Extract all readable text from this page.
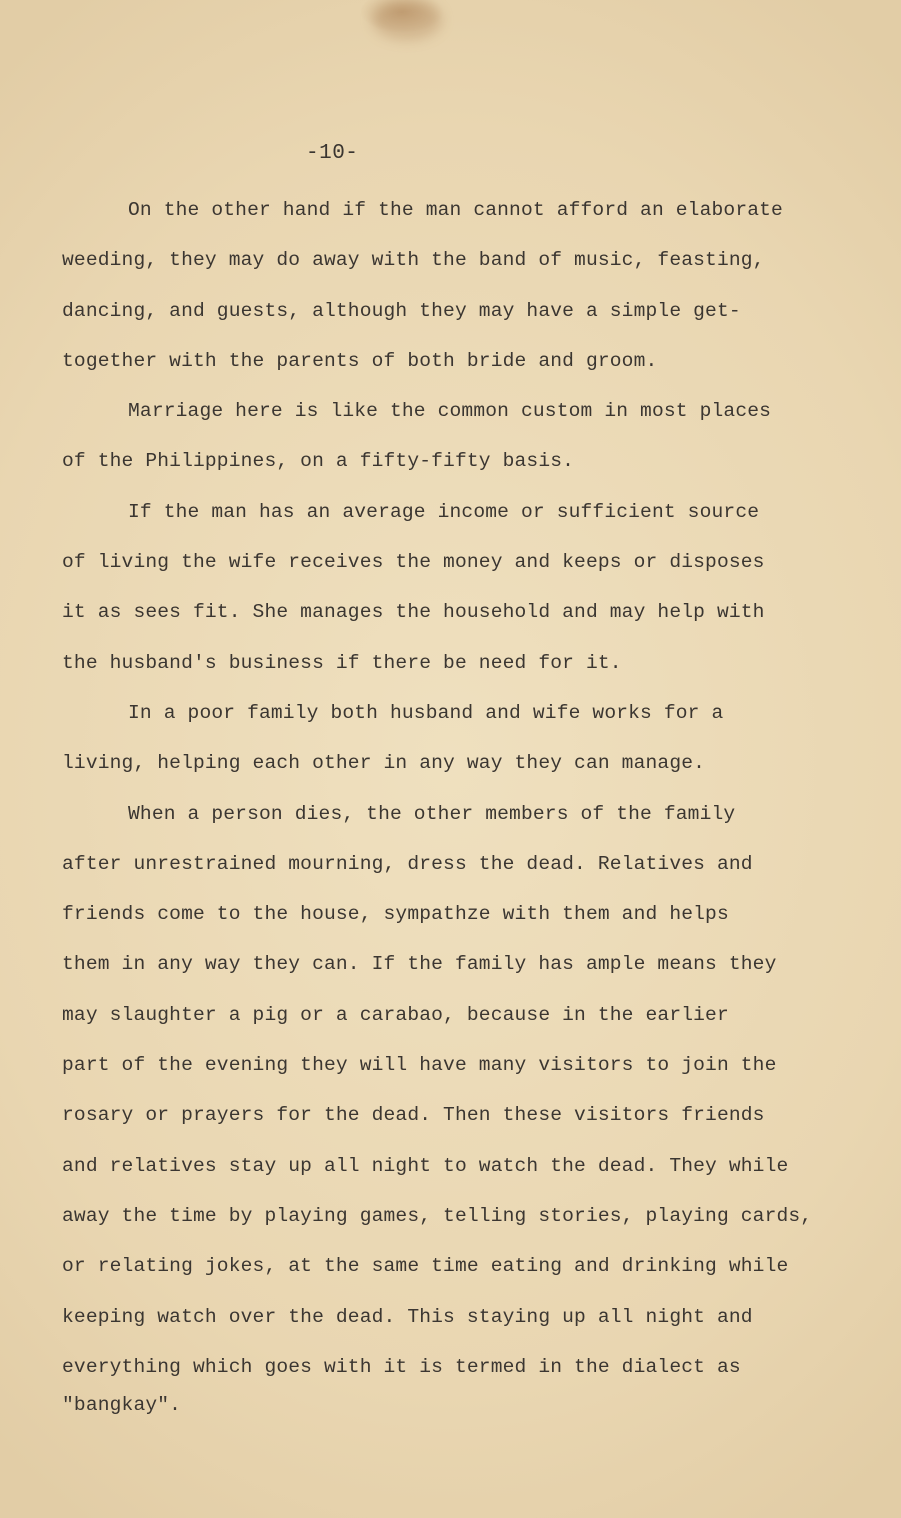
-10-
On the other hand if the man cannot afford an elaborate
weeding, they may do away with the band of music, feasting,
dancing, and guests, although they may have a simple get-
together with the parents of both bride and groom.
Marriage here is like the common custom in most places
of the Philippines, on a fifty-fifty basis.
If the man has an average income or sufficient source
of living the wife receives the money and keeps or disposes
it as sees fit. She manages the household and may help with
the husband's business if there be need for it.
In a poor family both husband and wife works for a
living, helping each other in any way they can manage.
When a person dies, the other members of the family
after unrestrained mourning, dress the dead. Relatives and
friends come to the house, sympathze with them and helps
them in any way they can. If the family has ample means they
may slaughter a pig or a carabao, because in the earlier
part of the evening they will have many visitors to join the
rosary or prayers for the dead. Then these visitors friends
and relatives stay up all night to watch the dead. They while
away the time by playing games, telling stories, playing cards,
or relating jokes, at the same time eating and drinking while
keeping watch over the dead. This staying up all night and
everything which goes with it is termed in the dialect as
"bangkay".
